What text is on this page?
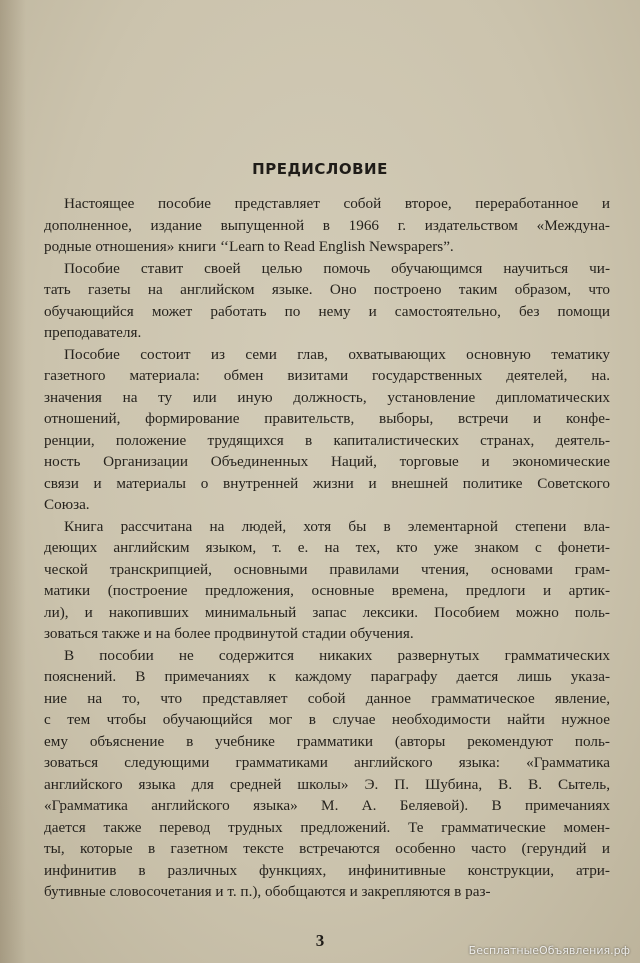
ПРЕДИСЛОВИЕ
Настоящее пособие представляет собой второе, переработанное и
дополненное, издание выпущенной в 1966 г. издательством «Междуна-
родные отношения» книги ‘‘Learn to Read English Newspapers”.
Пособие ставит своей целью помочь обучающимся научиться чи-
тать газеты на английском языке. Оно построено таким образом, что
обучающийся может работать по нему и самостоятельно, без помощи
преподавателя.
Пособие состоит из семи глав, охватывающих основную тематику
газетного материала: обмен визитами государственных деятелей, на.
значения на ту или иную должность, установление дипломатических
отношений, формирование правительств, выборы, встречи и конфе-
ренции, положение трудящихся в капиталистических странах, деятель-
ность Организации Объединенных Наций, торговые и экономические
связи и материалы о внутренней жизни и внешней политике Советского
Союза.
Книга рассчитана на людей, хотя бы в элементарной степени вла-
деющих английским языком, т. е. на тех, кто уже знаком с фонети-
ческой транскрипцией, основными правилами чтения, основами грам-
матики (построение предложения, основные времена, предлоги и артик-
ли), и накопивших минимальный запас лексики. Пособием можно поль-
зоваться также и на более продвинутой стадии обучения.
В пособии не содержится никаких развернутых грамматических
пояснений. В примечаниях к каждому параграфу дается лишь указа-
ние на то, что представляет собой данное грамматическое явление,
с тем чтобы обучающийся мог в случае необходимости найти нужное
ему объяснение в учебнике грамматики (авторы рекомендуют поль-
зоваться следующими грамматиками английского языка: «Грамматика
английского языка для средней школы» Э. П. Шубина, В. В. Сытель,
«Грамматика английского языка» М. А. Беляевой). В примечаниях
дается также перевод трудных предложений. Те грамматические момен-
ты, которые в газетном тексте встречаются особенно часто (герундий и
инфинитив в различных функциях, инфинитивные конструкции, атри-
бутивные словосочетания и т. п.), обобщаются и закрепляются в раз-
3
БесплатныеОбъявления.рф
